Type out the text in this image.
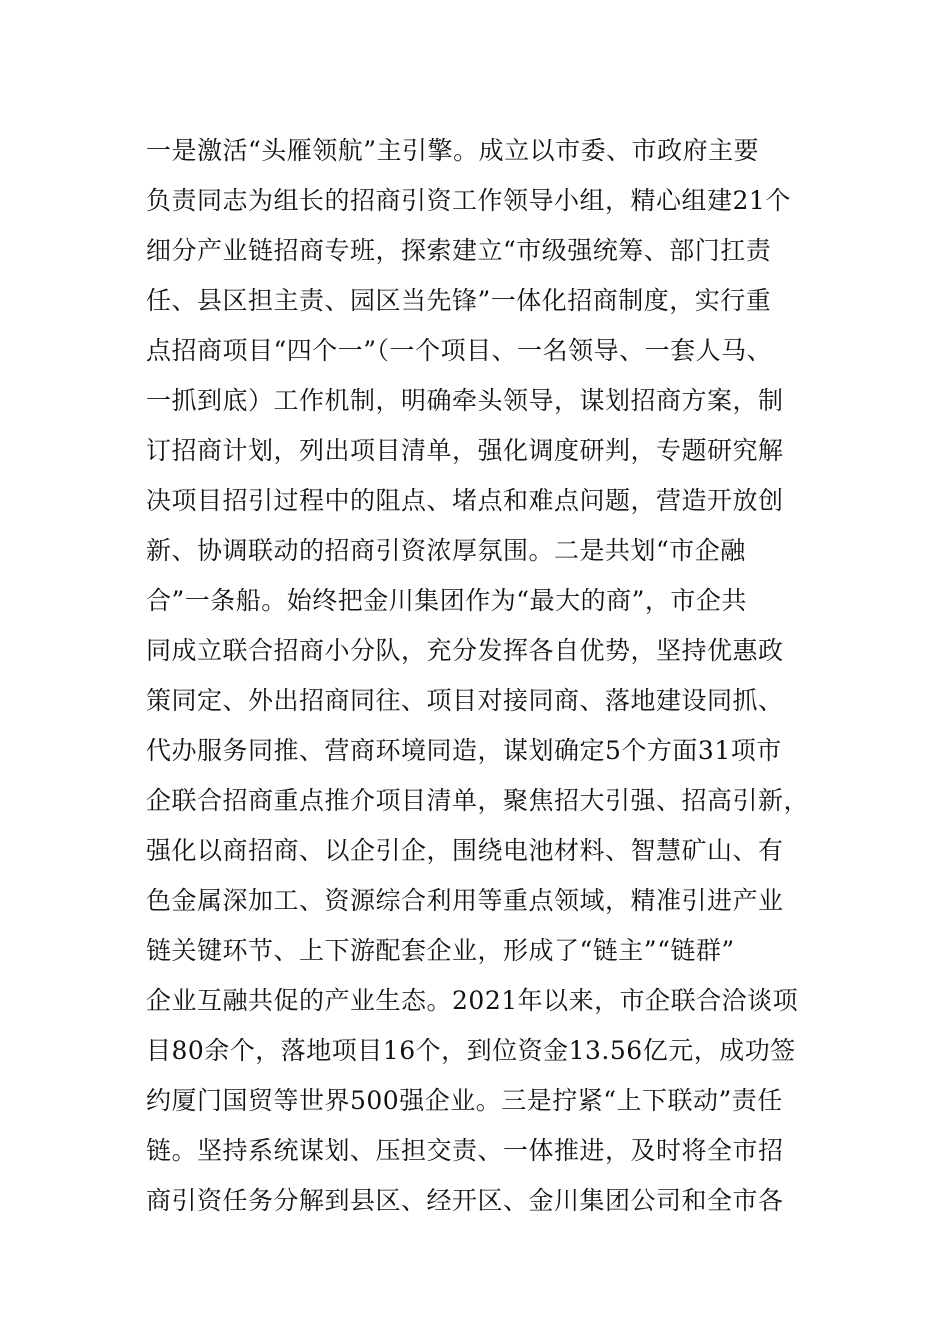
一是激活“头雁领航”主引擎。成立以市委、市政府主要
负责同志为组长的招商引资工作领导小组，精心组建21个
细分产业链招商专班，探索建立“市级强统筹、部门扛责
任、县区担主责、园区当先锋”一体化招商制度，实行重
点招商项目“四个一”（一个项目、一名领导、一套人马、
一抓到底）工作机制，明确牵头领导，谋划招商方案，制
订招商计划，列出项目清单，强化调度研判，专题研究解
决项目招引过程中的阻点、堵点和难点问题，营造开放创
新、协调联动的招商引资浓厚氛围。二是共划“市企融
合”一条船。始终把金川集团作为“最大的商”，市企共
同成立联合招商小分队，充分发挥各自优势，坚持优惠政
策同定、外出招商同往、项目对接同商、落地建设同抓、
代办服务同推、营商环境同造，谋划确定5个方面31项市
企联合招商重点推介项目清单，聚焦招大引强、招高引新，
强化以商招商、以企引企，围绕电池材料、智慧矿山、有
色金属深加工、资源综合利用等重点领域，精准引进产业
链关键环节、上下游配套企业，形成了“链主”“链群”
企业互融共促的产业生态。2021年以来，市企联合洽谈项
目80余个，落地项目16个，到位资金13.56亿元，成功签
约厦门国贸等世界500强企业。三是拧紧“上下联动”责任
链。坚持系统谋划、压担交责、一体推进，及时将全市招
商引资任务分解到县区、经开区、金川集团公司和全市各
